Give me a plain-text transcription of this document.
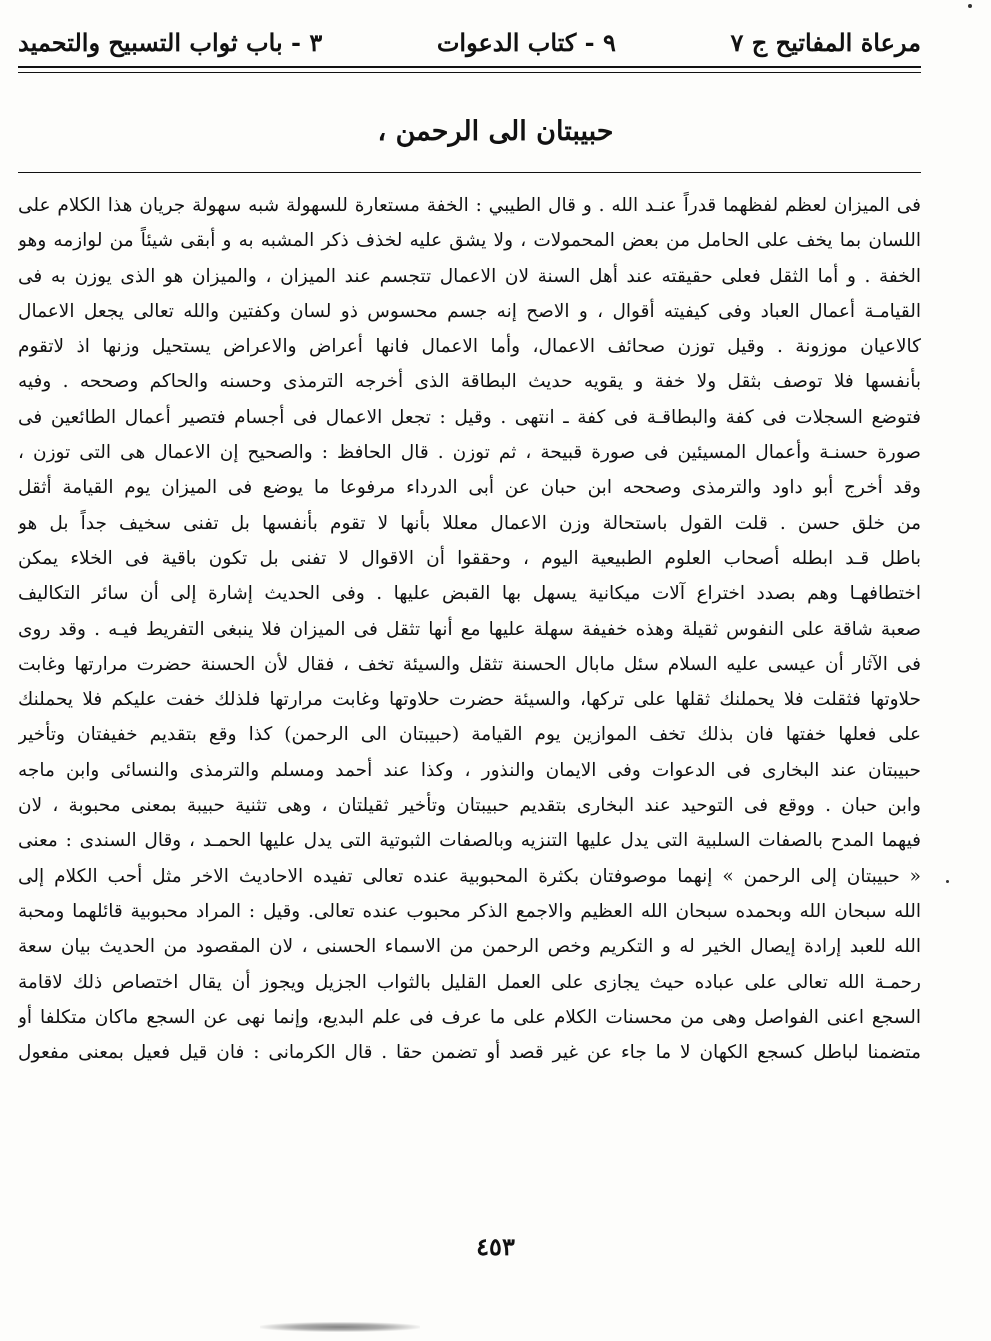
مرعاة المفاتيح ج ٧
٩ - كتاب الدعوات
٣ - باب ثواب التسبيح والتحميد
حبيبتان الى الرحمن ،
فى الميزان لعظم لفظهما قدراً عنـد الله . و قال الطيبي : الخفة مستعارة للسهولة شبه سهولة جريان هذا الكلام على
اللسان بما يخف على الحامل من بعض المحمولات ، ولا يشق عليه لخذف ذكر المشبه به و أبقى شيئاً من لوازمه وهو
الخفة . و أما الثقل فعلى حقيقته عند أهل السنة لان الاعمال تتجسم عند الميزان ، والميزان هو الذى يوزن به فى
القيامـة أعمال العباد وفى كيفيته أقوال ، و الاصح إنه جسم محسوس ذو لسان وكفتين والله تعالى يجعل الاعمال
كالاعيان موزونة . وقيل توزن صحائف الاعمال، وأما الاعمال فانها أعراض والاعراض يستحيل وزنها اذ لاتقوم
بأنفسها فلا توصف بثقل ولا خفة و يقويه حديث البطاقة الذى أخرجه الترمذى وحسنه والحاكم وصححه . وفيه
فتوضع السجلات فى كفة والبطاقـة فى كفة ـ انتهى . وقيل : تجعل الاعمال فى أجسام فتصير أعمال الطائعين فى
صورة حسنـة وأعمال المسيئين فى صورة قبيحة ، ثم توزن . قال الحافظ : والصحيح إن الاعمال هى التى توزن ،
وقد أخرج أبو داود والترمذى وصححه ابن حبان عن أبى الدرداء مرفوعا ما يوضع فى الميزان يوم القيامة أثقل
من خلق حسن . قلت القول باستحالة وزن الاعمال معللا بأنها لا تقوم بأنفسها بل تفنى سخيف جداً بل هو
باطل قـد ابطله أصحاب العلوم الطبيعية اليوم ، وحققوا أن الاقوال لا تفنى بل تكون باقية فى الخلاء يمكن
اختطافهـا وهم بصدد اختراع آلات ميكانية يسهل بها القبض عليها . وفى الحديث إشارة إلى أن سائر التكاليف
صعبة شاقة على النفوس ثقيلة وهذه خفيفة سهلة عليها مع أنها تثقل فى الميزان فلا ينبغى التفريط فيـه . وقد روى
فى الآثار أن عيسى عليه السلام سئل مابال الحسنة تثقل والسيئة تخف ، فقال لأن الحسنة حضرت مرارتها وغابت
حلاوتها فثقلت فلا يحملنك ثقلها على تركها، والسيئة حضرت حلاوتها وغابت مرارتها فلذلك خفت عليكم فلا يحملنك
على فعلها خفتها فان بذلك تخف الموازين يوم القيامة (حبيبتان الى الرحمن) كذا وقع بتقديم خفيفتان وتأخير
حبيبتان عند البخارى فى الدعوات وفى الايمان والنذور ، وكذا عند أحمد ومسلم والترمذى والنسائى وابن ماجه
وابن حبان . ووقع فى التوحيد عند البخارى بتقديم حبيبتان وتأخير ثقيلتان ، وهى تثنية حبيبة بمعنى محبوبة ، لان
فيهما المدح بالصفات السلبية التى يدل عليها التنزيه وبالصفات الثبوتية التى يدل عليها الحمـد ، وقال السندى : معنى
« حبيبتان إلى الرحمن » إنهما موصوفتان بكثرة المحبوبية عنده تعالى تفيده الاحاديث الاخر مثل أحب الكلام إلى
الله سبحان الله وبحمده سبحان الله العظيم والاجمع الذكر محبوب عنده تعالى. وقيل : المراد محبوبية قائلهما ومحبة
الله للعبد إرادة إيصال الخير له و التكريم وخص الرحمن من الاسماء الحسنى ، لان المقصود من الحديث بيان سعة
رحمـة الله تعالى على عباده حيث يجازى على العمل القليل بالثواب الجزيل ويجوز أن يقال اختصاص ذلك لاقامة
السجع اعنى الفواصل وهى من محسنات الكلام على ما عرف فى علم البديع، وإنما نهى عن السجع ماكان متكلفا أو
متضمنا لباطل كسجع الكهان لا ما جاء عن غير قصد أو تضمن حقا . قال الكرمانى : فان قيل فعيل بمعنى مفعول
٤٥٣
